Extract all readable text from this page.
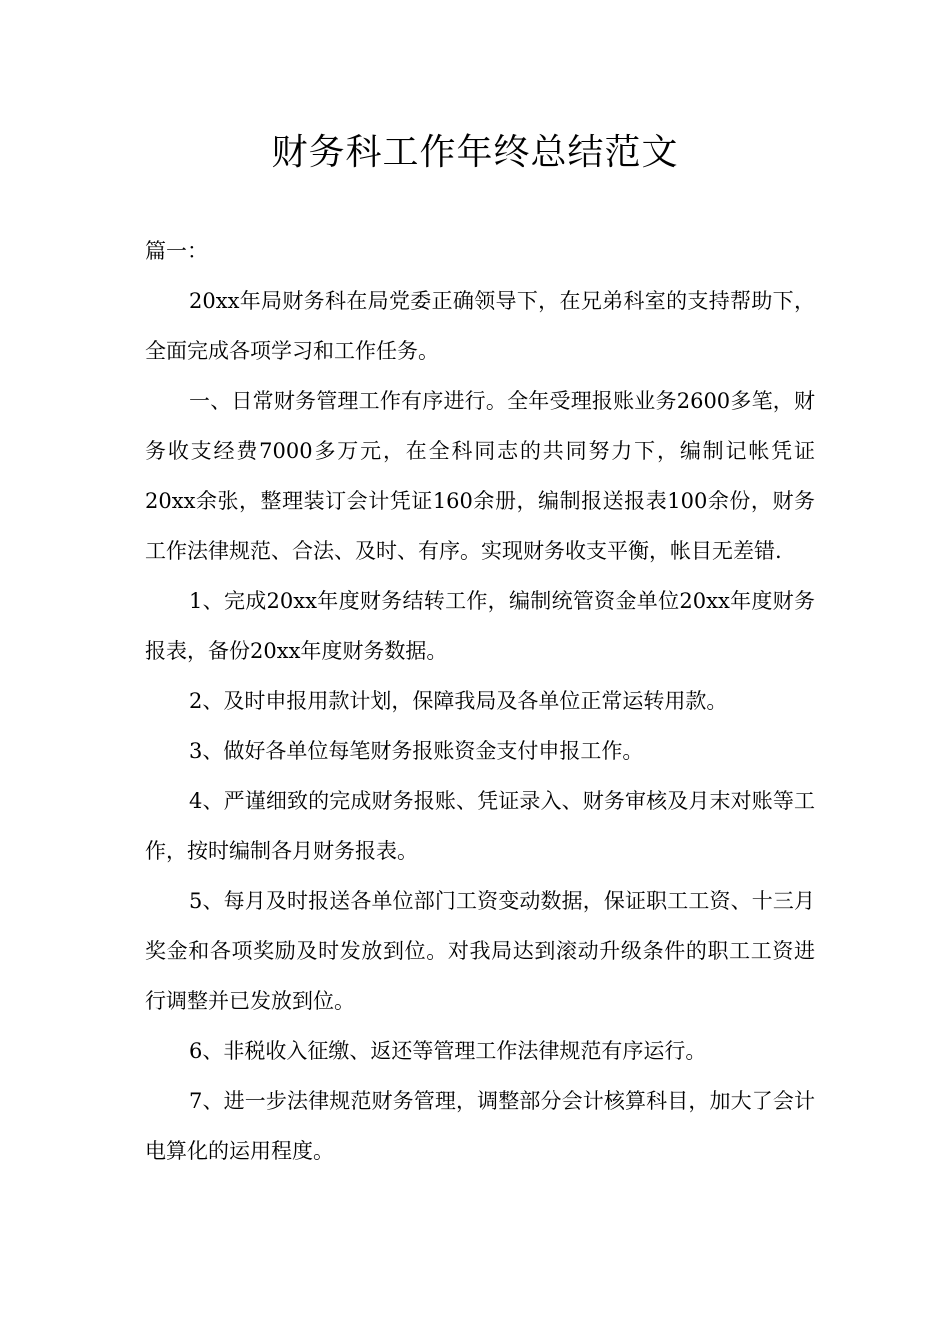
财务科工作年终总结范文

篇一：

20xx年局财务科在局党委正确领导下，在兄弟科室的支持帮助下，全面完成各项学习和工作任务。

一、日常财务管理工作有序进行。全年受理报账业务2600多笔，财务收支经费7000多万元，在全科同志的共同努力下，编制记帐凭证20xx余张，整理装订会计凭证160余册，编制报送报表100余份，财务工作法律规范、合法、及时、有序。实现财务收支平衡，帐目无差错.

1、完成20xx年度财务结转工作，编制统管资金单位20xx年度财务报表，备份20xx年度财务数据。

2、及时申报用款计划，保障我局及各单位正常运转用款。

3、做好各单位每笔财务报账资金支付申报工作。

4、严谨细致的完成财务报账、凭证录入、财务审核及月末对账等工作，按时编制各月财务报表。

5、每月及时报送各单位部门工资变动数据，保证职工工资、十三月奖金和各项奖励及时发放到位。对我局达到滚动升级条件的职工工资进行调整并已发放到位。

6、非税收入征缴、返还等管理工作法律规范有序运行。

7、进一步法律规范财务管理，调整部分会计核算科目，加大了会计电算化的运用程度。
